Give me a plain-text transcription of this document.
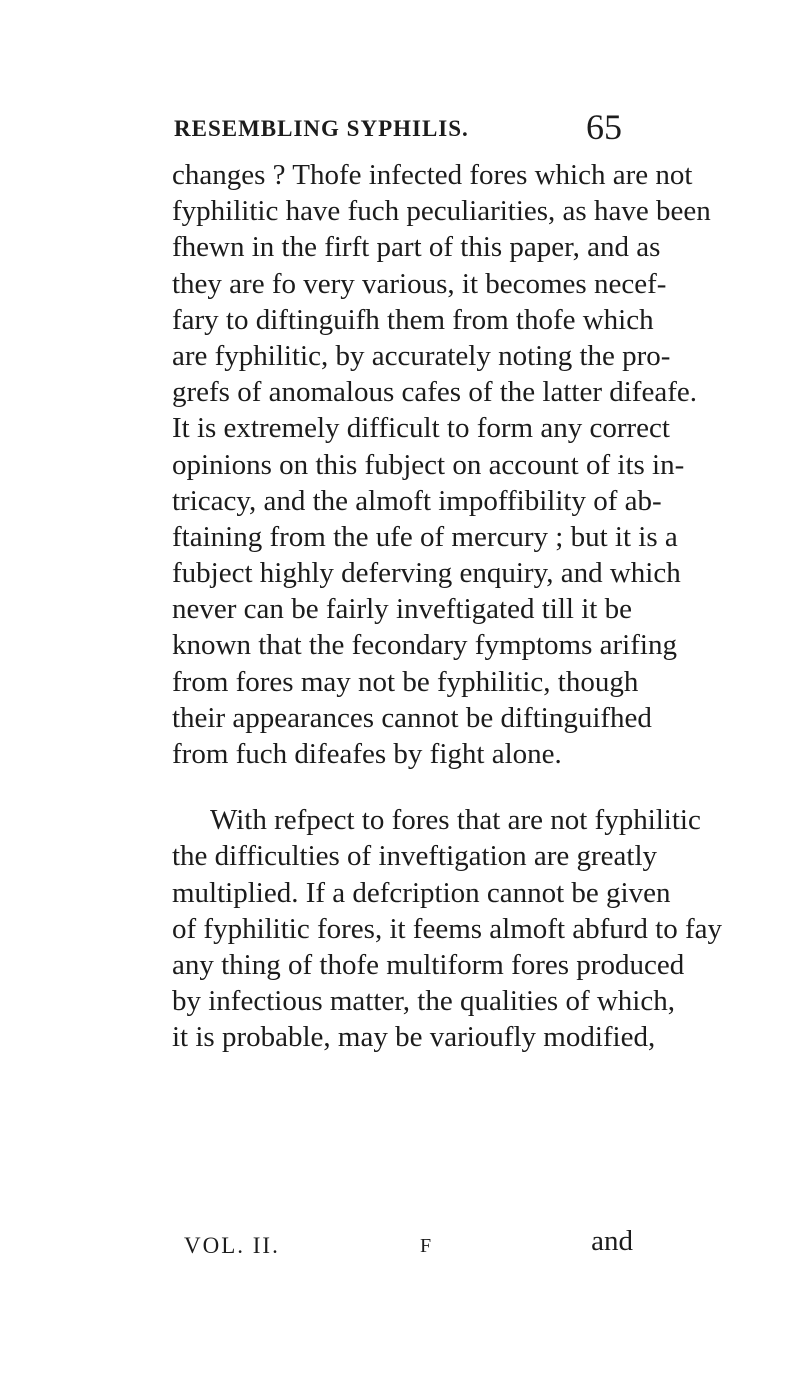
RESEMBLING SYPHILIS.	65
changes ? Thofe infected fores which are not
fyphilitic have fuch peculiarities, as have been
fhewn in the firft part of this paper, and as
they are fo very various, it becomes necef-
fary to diftinguifh them from thofe which
are fyphilitic, by accurately noting the pro-
grefs of anomalous cafes of the latter difeafe.
It is extremely difficult to form any correct
opinions on this fubject on account of its in-
tricacy, and the almoft impoffibility of ab-
ftaining from the ufe of mercury ; but it is a
fubject highly deferving enquiry, and which
never can be fairly inveftigated till it be
known that the fecondary fymptoms arifing
from fores may not be fyphilitic, though
their appearances cannot be diftinguifhed
from fuch difeafes by fight alone.
With refpect to fores that are not fyphilitic
the difficulties of inveftigation are greatly
multiplied. If a defcription cannot be given
of fyphilitic fores, it feems almoft abfurd to fay
any thing of thofe multiform fores produced
by infectious matter, the qualities of which,
it is probable, may be varioufly modified,
VOL. II.	F	and
